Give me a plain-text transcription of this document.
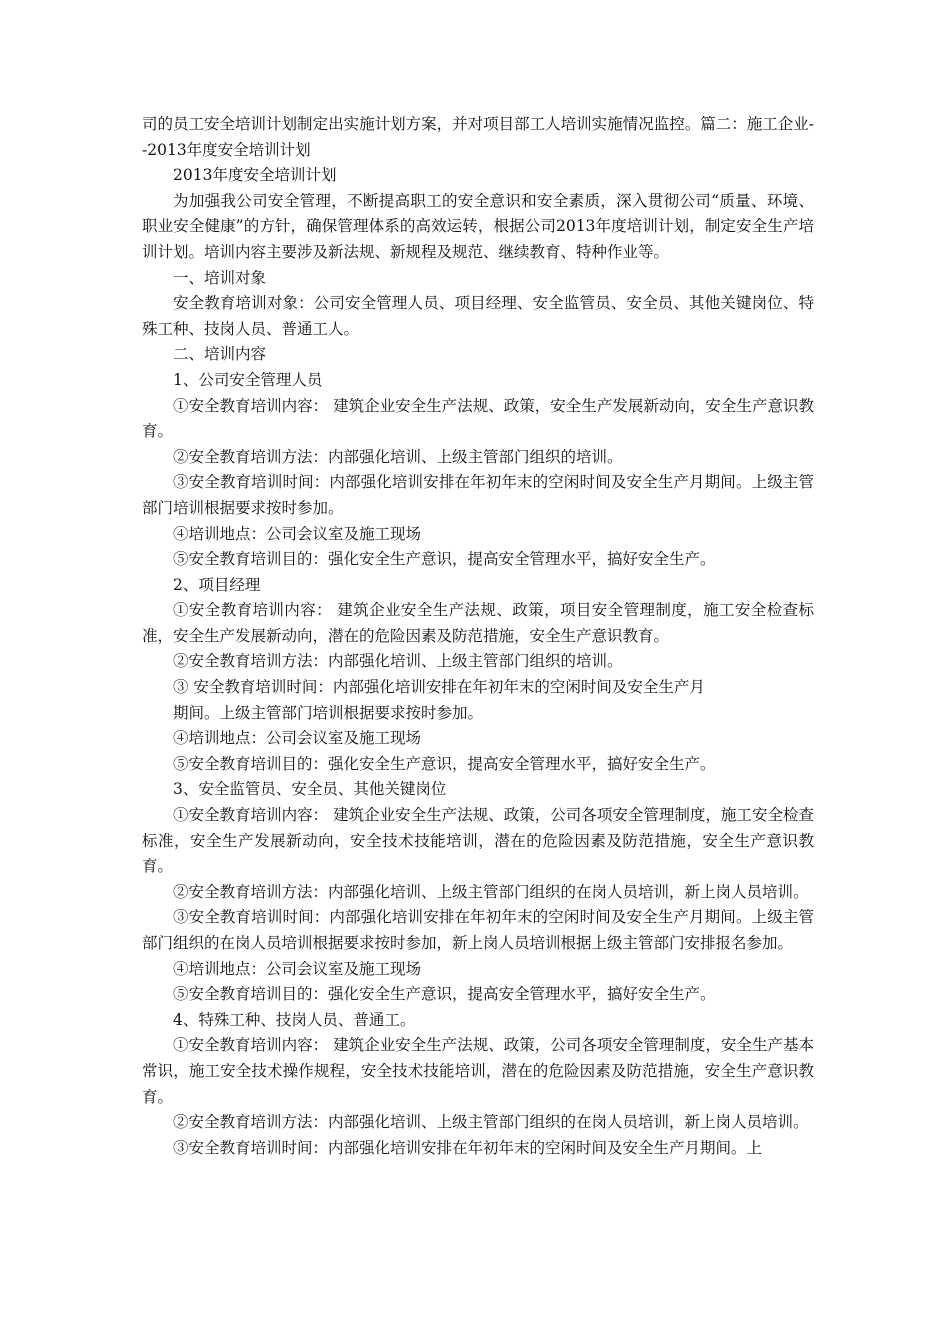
司的员工安全培训计划制定出实施计划方案，并对项目部工人培训实施情况监控。篇二：施工企业--2013年度安全培训计划

2013年度安全培训计划

为加强我公司安全管理，不断提高职工的安全意识和安全素质，深入贯彻公司“质量、环境、职业安全健康”的方针，确保管理体系的高效运转，根据公司2013年度培训计划，制定安全生产培训计划。培训内容主要涉及新法规、新规程及规范、继续教育、特种作业等。

一、培训对象

安全教育培训对象：公司安全管理人员、项目经理、安全监管员、安全员、其他关键岗位、特殊工种、技岗人员、普通工人。

二、培训内容

1、公司安全管理人员

①安全教育培训内容： 建筑企业安全生产法规、政策，安全生产发展新动向，安全生产意识教育。

②安全教育培训方法：内部强化培训、上级主管部门组织的培训。

③安全教育培训时间：内部强化培训安排在年初年末的空闲时间及安全生产月期间。上级主管部门培训根据要求按时参加。

④培训地点：公司会议室及施工现场

⑤安全教育培训目的：强化安全生产意识，提高安全管理水平，搞好安全生产。

2、项目经理

①安全教育培训内容： 建筑企业安全生产法规、政策，项目安全管理制度，施工安全检查标准，安全生产发展新动向，潜在的危险因素及防范措施，安全生产意识教育。

②安全教育培训方法：内部强化培训、上级主管部门组织的培训。

③ 安全教育培训时间：内部强化培训安排在年初年末的空闲时间及安全生产月

期间。上级主管部门培训根据要求按时参加。

④培训地点：公司会议室及施工现场

⑤安全教育培训目的：强化安全生产意识，提高安全管理水平，搞好安全生产。

3、安全监管员、安全员、其他关键岗位

①安全教育培训内容： 建筑企业安全生产法规、政策，公司各项安全管理制度，施工安全检查标准，安全生产发展新动向，安全技术技能培训，潜在的危险因素及防范措施，安全生产意识教育。

②安全教育培训方法：内部强化培训、上级主管部门组织的在岗人员培训，新上岗人员培训。

③安全教育培训时间：内部强化培训安排在年初年末的空闲时间及安全生产月期间。上级主管部门组织的在岗人员培训根据要求按时参加，新上岗人员培训根据上级主管部门安排报名参加。

④培训地点：公司会议室及施工现场

⑤安全教育培训目的：强化安全生产意识，提高安全管理水平，搞好安全生产。

4、特殊工种、技岗人员、普通工。

①安全教育培训内容： 建筑企业安全生产法规、政策，公司各项安全管理制度，安全生产基本常识，施工安全技术操作规程，安全技术技能培训，潜在的危险因素及防范措施，安全生产意识教育。

②安全教育培训方法：内部强化培训、上级主管部门组织的在岗人员培训，新上岗人员培训。

③安全教育培训时间：内部强化培训安排在年初年末的空闲时间及安全生产月期间。上
